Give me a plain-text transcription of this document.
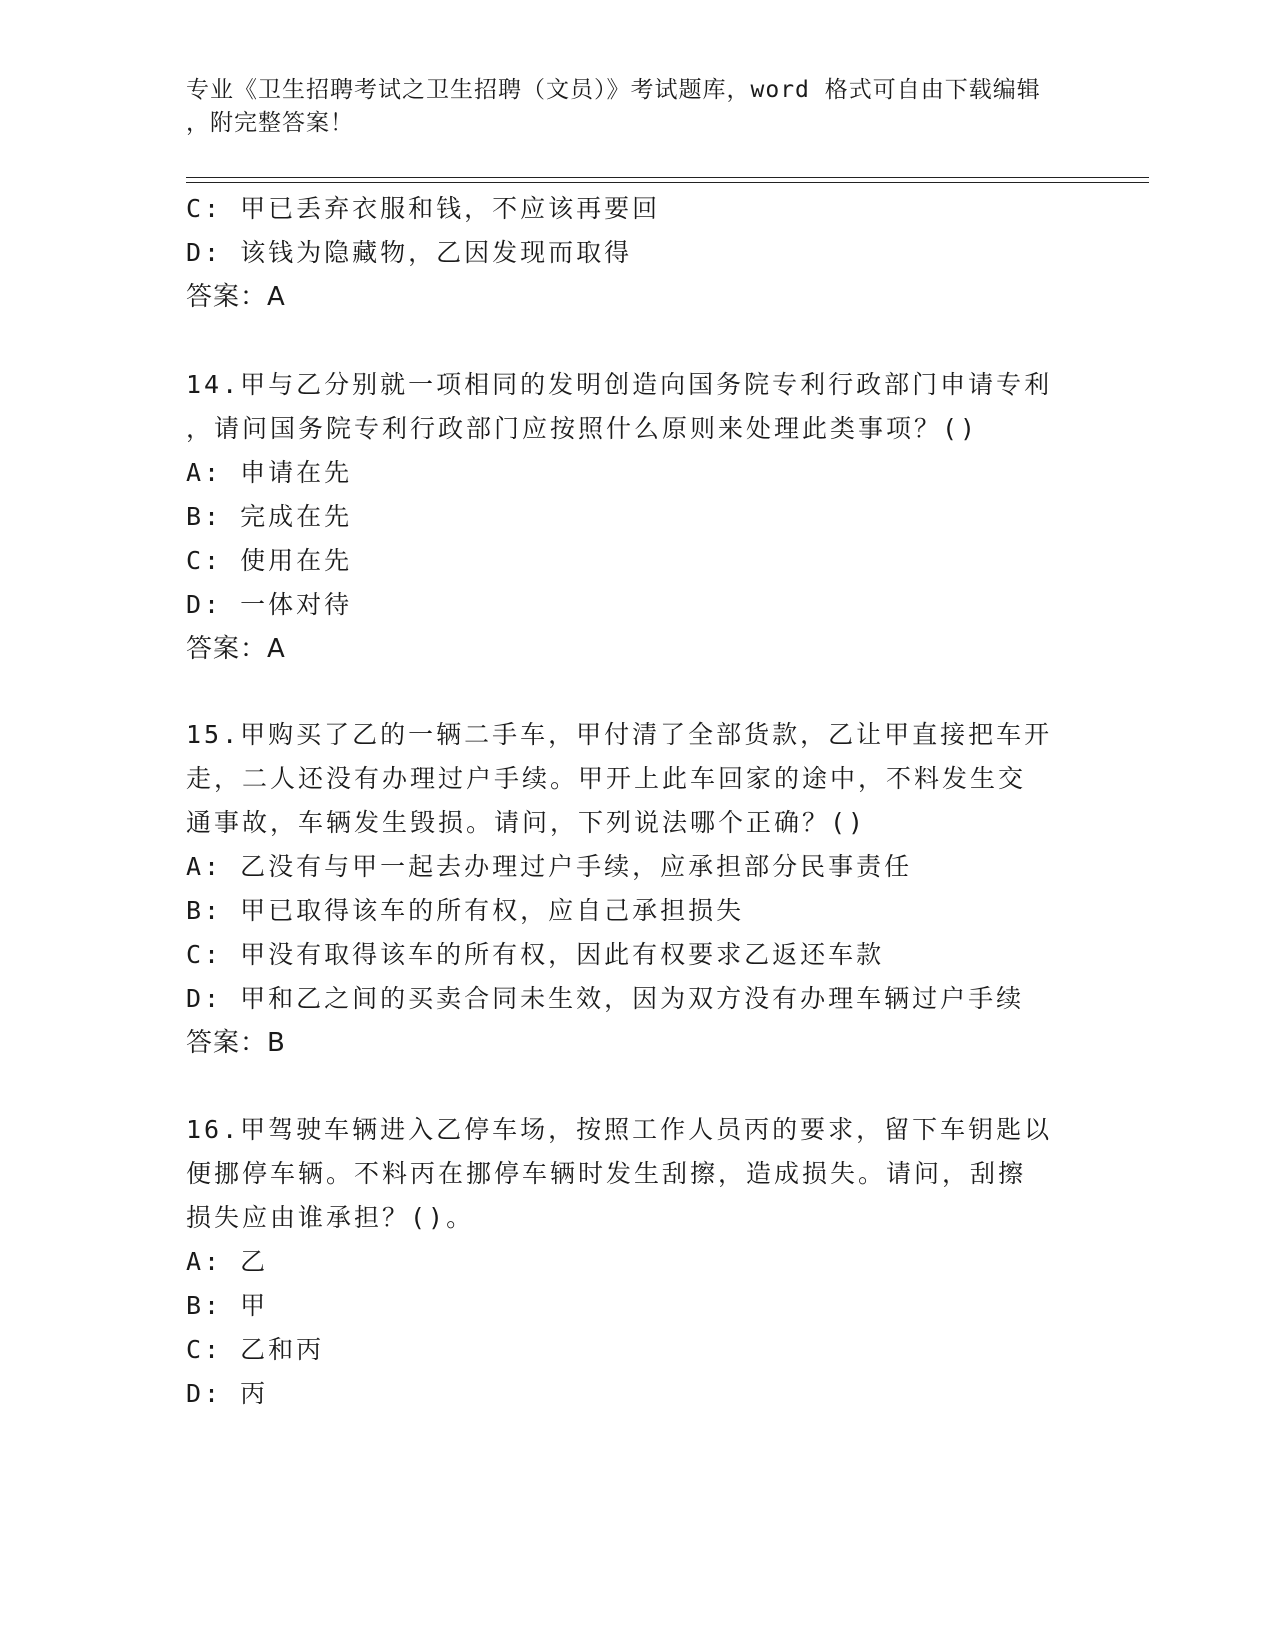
专业《卫生招聘考试之卫生招聘（文员）》考试题库，word 格式可自由下载编辑
，附完整答案！
C: 甲已丢弃衣服和钱，不应该再要回
D: 该钱为隐藏物，乙因发现而取得
答案：A
14.甲与乙分别就一项相同的发明创造向国务院专利行政部门申请专利
，请问国务院专利行政部门应按照什么原则来处理此类事项？()
A: 申请在先
B: 完成在先
C: 使用在先
D: 一体对待
答案：A
15.甲购买了乙的一辆二手车，甲付清了全部货款，乙让甲直接把车开
走，二人还没有办理过户手续。甲开上此车回家的途中，不料发生交
通事故，车辆发生毁损。请问，下列说法哪个正确？()
A: 乙没有与甲一起去办理过户手续，应承担部分民事责任
B: 甲已取得该车的所有权，应自己承担损失
C: 甲没有取得该车的所有权，因此有权要求乙返还车款
D: 甲和乙之间的买卖合同未生效，因为双方没有办理车辆过户手续
答案：B
16.甲驾驶车辆进入乙停车场，按照工作人员丙的要求，留下车钥匙以
便挪停车辆。不料丙在挪停车辆时发生刮擦，造成损失。请问，刮擦
损失应由谁承担？()。
A: 乙
B: 甲
C: 乙和丙
D: 丙
